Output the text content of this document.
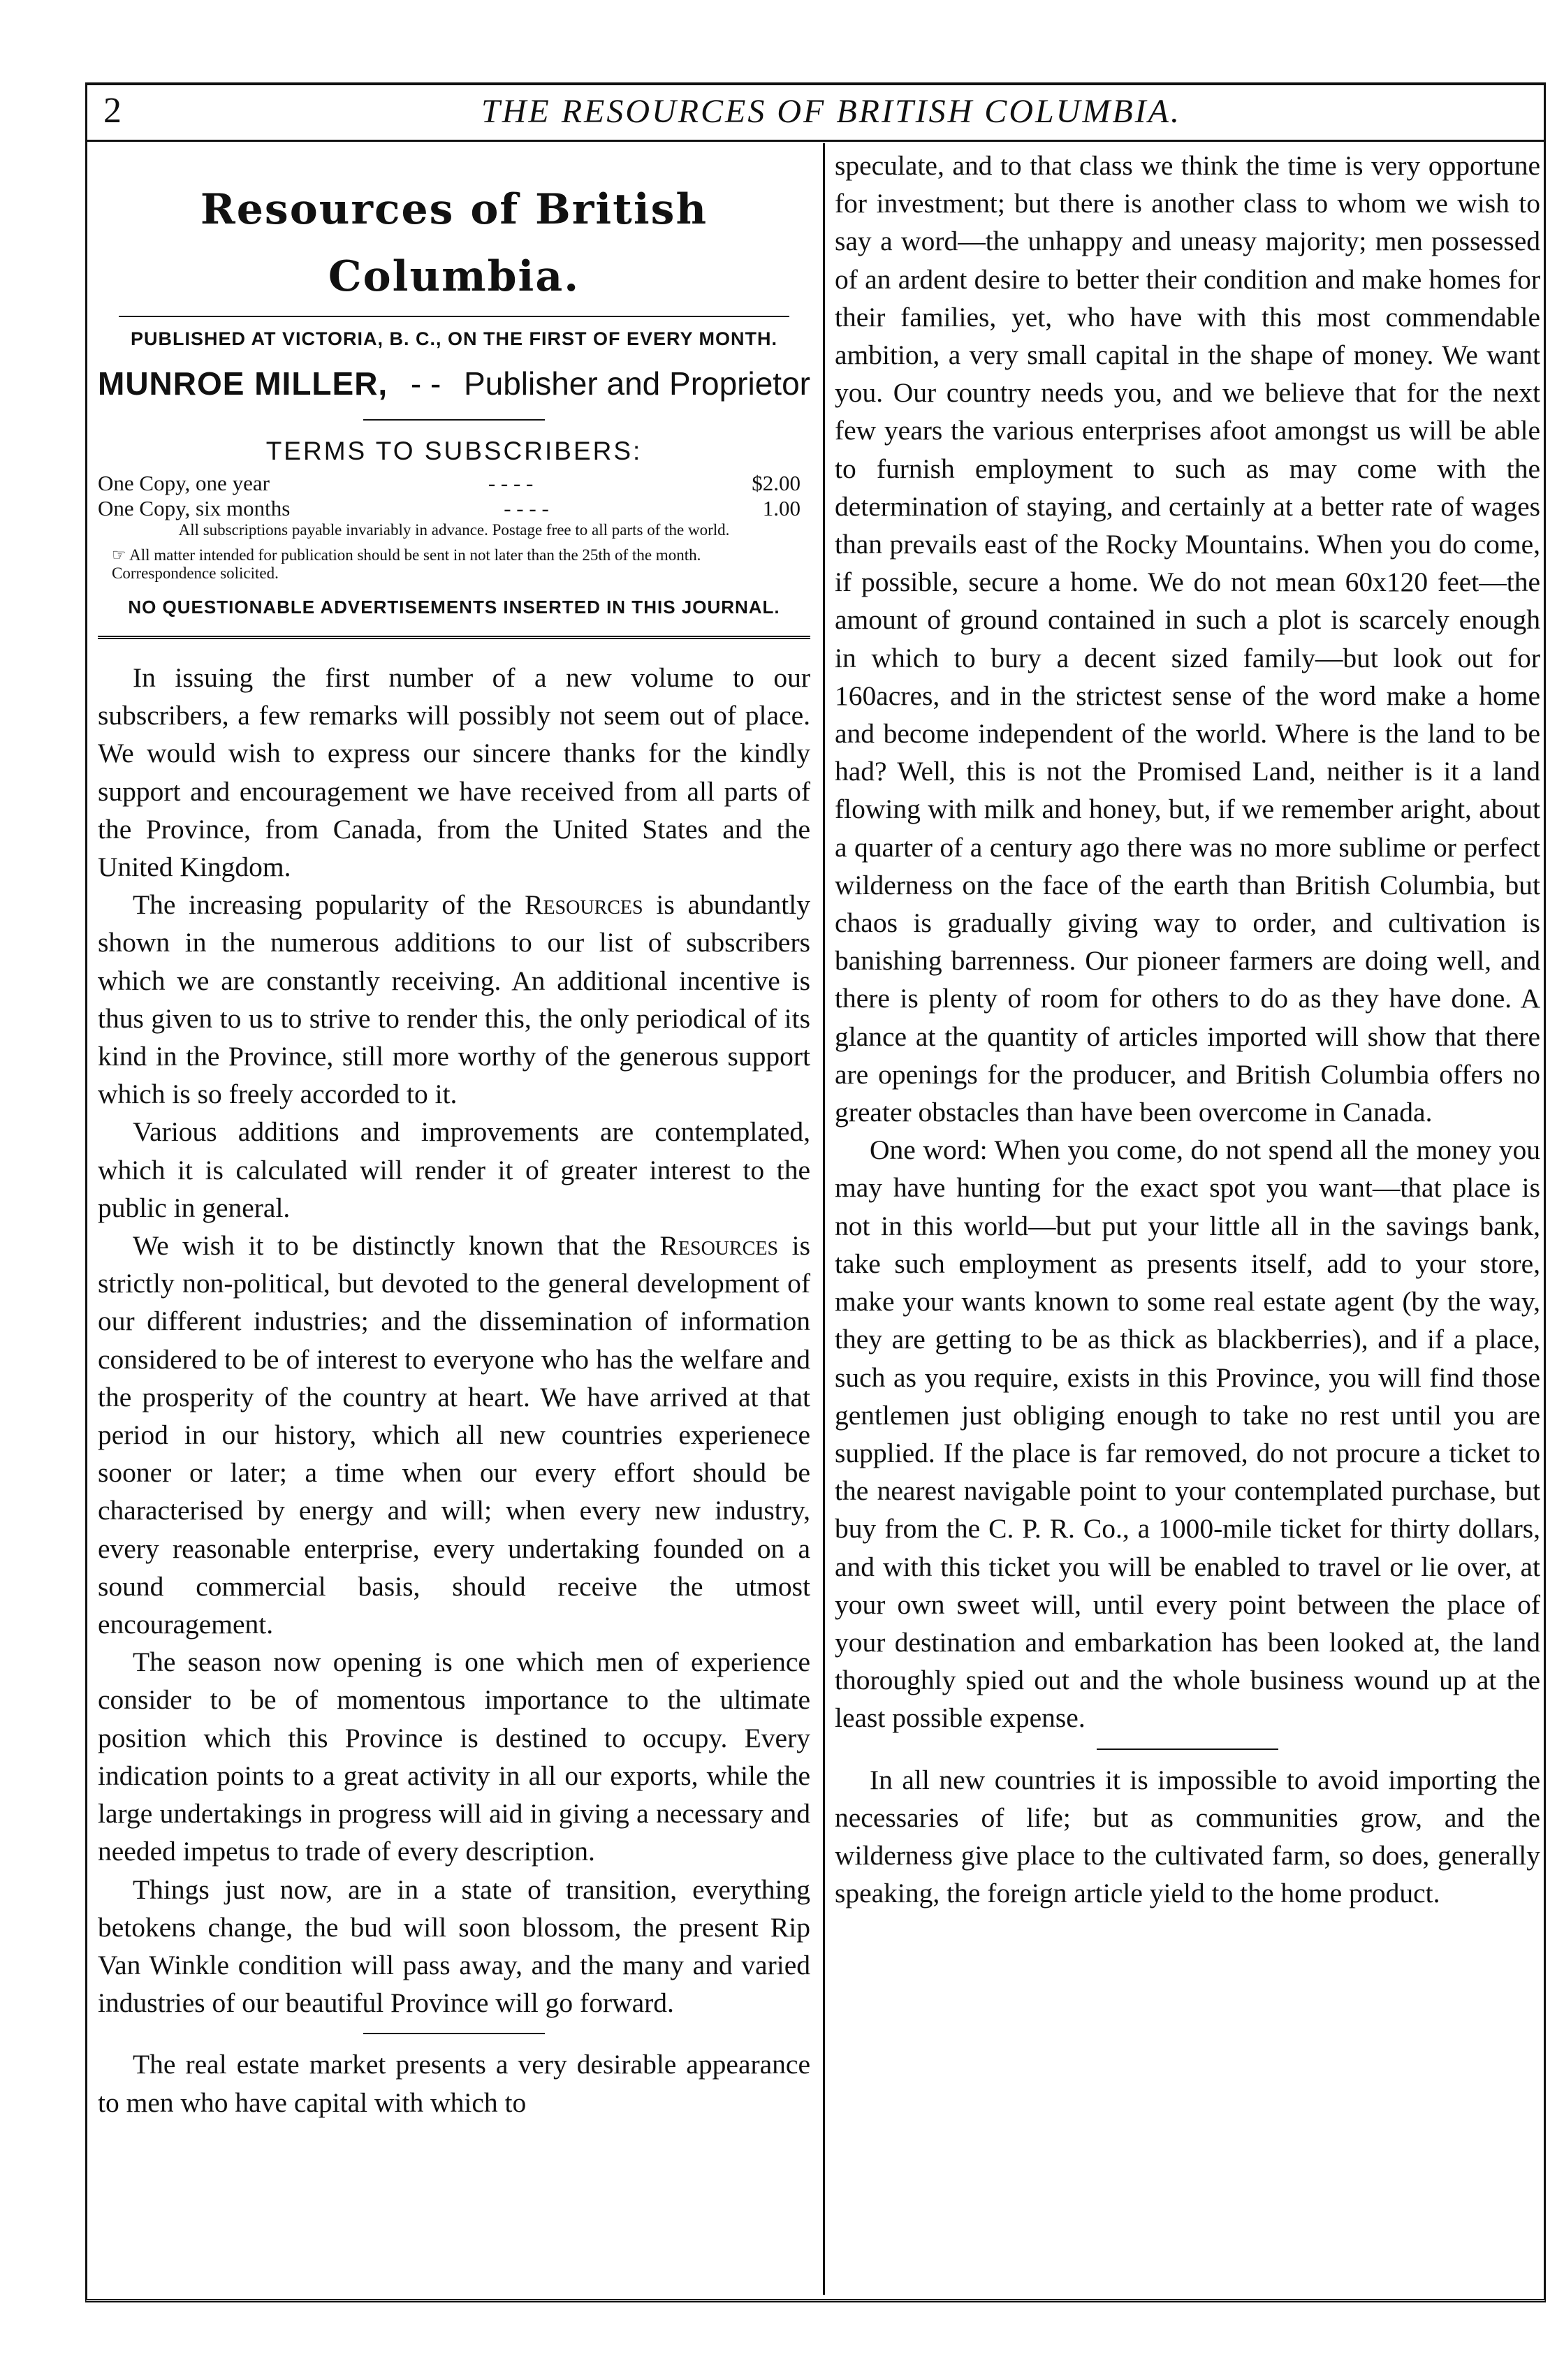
2	THE RESOURCES OF BRITISH COLUMBIA.
Resources of British Columbia.
PUBLISHED AT VICTORIA, B. C., ON THE FIRST OF EVERY MONTH.
MUNROE MILLER, - - Publisher and Proprietor
TERMS TO SUBSCRIBERS:
One Copy, one year	- - - -	$2.00
One Copy, six months	- - - -	1.00
All subscriptions payable invariably in advance. Postage free to all parts of the world.
☞ All matter intended for publication should be sent in not later than the 25th of the month. Correspondence solicited.
NO QUESTIONABLE ADVERTISEMENTS INSERTED IN THIS JOURNAL.

In issuing the first number of a new volume to our subscribers, a few remarks will possibly not seem out of place. We would wish to express our sincere thanks for the kindly support and encouragement we have received from all parts of the Province, from Canada, from the United States and the United Kingdom.

The increasing popularity of the Resources is abundantly shown in the numerous additions to our list of subscribers which we are constantly receiving. An additional incentive is thus given to us to strive to render this, the only periodical of its kind in the Province, still more worthy of the generous support which is so freely accorded to it.

Various additions and improvements are contemplated, which it is calculated will render it of greater interest to the public in general.

We wish it to be distinctly known that the Resources is strictly non-political, but devoted to the general development of our different industries; and the dissemination of information considered to be of interest to everyone who has the welfare and the prosperity of the country at heart. We have arrived at that period in our history, which all new countries experienece sooner or later; a time when our every effort should be characterised by energy and will; when every new industry, every reasonable enterprise, every undertaking founded on a sound commercial basis, should receive the utmost encouragement.

The season now opening is one which men of experience consider to be of momentous importance to the ultimate position which this Province is destined to occupy. Every indication points to a great activity in all our exports, while the large undertakings in progress will aid in giving a necessary and needed impetus to trade of every description.

Things just now, are in a state of transition, everything betokens change, the bud will soon blossom, the present Rip Van Winkle condition will pass away, and the many and varied industries of our beautiful Province will go forward.

The real estate market presents a very desirable appearance to men who have capital with which to

speculate, and to that class we think the time is very opportune for investment; but there is another class to whom we wish to say a word—the unhappy and uneasy majority; men possessed of an ardent desire to better their condition and make homes for their families, yet, who have with this most commendable ambition, a very small capital in the shape of money. We want you. Our country needs you, and we believe that for the next few years the various enterprises afoot amongst us will be able to furnish employment to such as may come with the determination of staying, and certainly at a better rate of wages than prevails east of the Rocky Mountains. When you do come, if possible, secure a home. We do not mean 60x120 feet—the amount of ground contained in such a plot is scarcely enough in which to bury a decent sized family—but look out for 160acres, and in the strictest sense of the word make a home and become independent of the world. Where is the land to be had? Well, this is not the Promised Land, neither is it a land flowing with milk and honey, but, if we remember aright, about a quarter of a century ago there was no more sublime or perfect wilderness on the face of the earth than British Columbia, but chaos is gradually giving way to order, and cultivation is banishing barrenness. Our pioneer farmers are doing well, and there is plenty of room for others to do as they have done. A glance at the quantity of articles imported will show that there are openings for the producer, and British Columbia offers no greater obstacles than have been overcome in Canada.

One word: When you come, do not spend all the money you may have hunting for the exact spot you want—that place is not in this world—but put your little all in the savings bank, take such employment as presents itself, add to your store, make your wants known to some real estate agent (by the way, they are getting to be as thick as blackberries), and if a place, such as you require, exists in this Province, you will find those gentlemen just obliging enough to take no rest until you are supplied. If the place is far removed, do not procure a ticket to the nearest navigable point to your contemplated purchase, but buy from the C. P. R. Co., a 1000-mile ticket for thirty dollars, and with this ticket you will be enabled to travel or lie over, at your own sweet will, until every point between the place of your destination and embarkation has been looked at, the land thoroughly spied out and the whole business wound up at the least possible expense.

In all new countries it is impossible to avoid importing the necessaries of life; but as communities grow, and the wilderness give place to the cultivated farm, so does, generally speaking, the foreign article yield to the home product.
